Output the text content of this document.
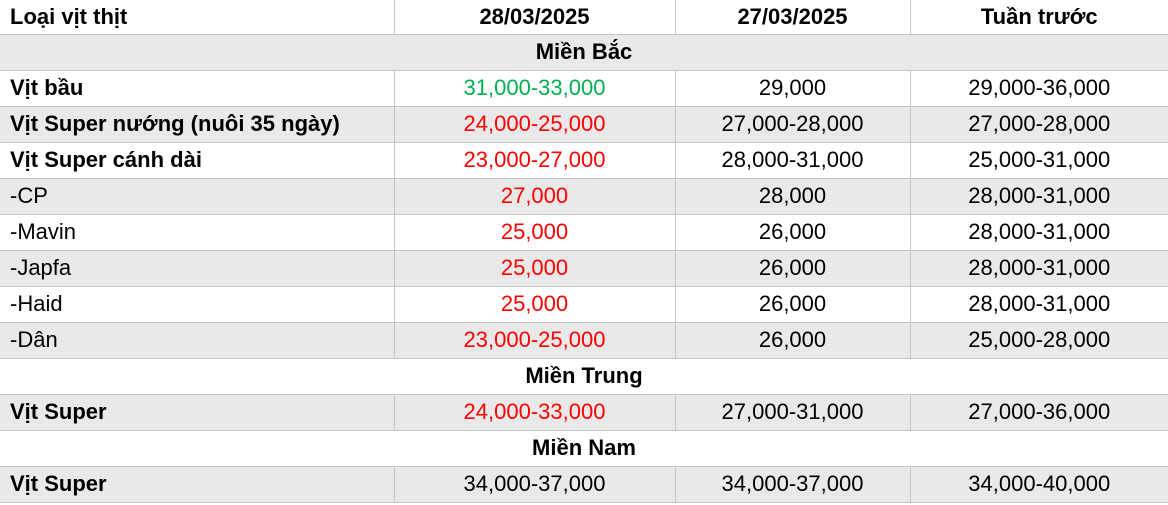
Loại vịt thịt	28/03/2025	27/03/2025	Tuần trước
Miền Bắc			
Vịt bầu	31,000-33,000	29,000	29,000-36,000
Vịt Super nướng (nuôi 35 ngày)	24,000-25,000	27,000-28,000	27,000-28,000
Vịt Super cánh dài	23,000-27,000	28,000-31,000	25,000-31,000
-CP	27,000	28,000	28,000-31,000
-Mavin	25,000	26,000	28,000-31,000
-Japfa	25,000	26,000	28,000-31,000
-Haid	25,000	26,000	28,000-31,000
-Dân	23,000-25,000	26,000	25,000-28,000
Miền Trung			
Vịt Super	24,000-33,000	27,000-31,000	27,000-36,000
Miền Nam			
Vịt Super	34,000-37,000	34,000-37,000	34,000-40,000
